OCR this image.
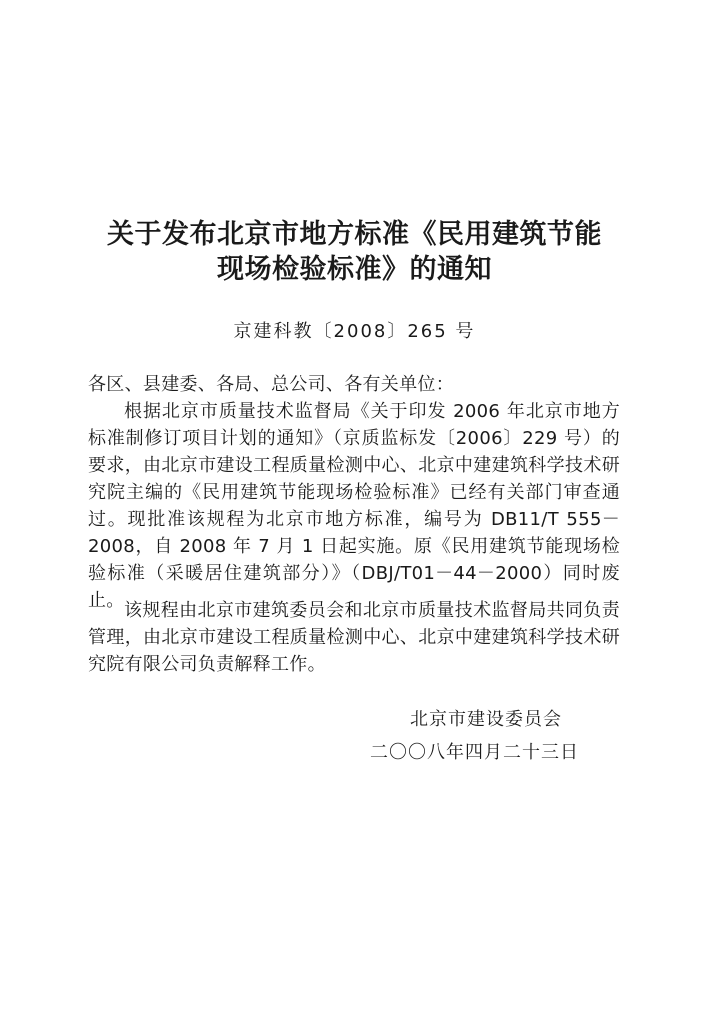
关于发布北京市地方标准《民用建筑节能
现场检验标准》的通知
京建科教〔2008〕265 号
各区、县建委、各局、总公司、各有关单位：

根据北京市质量技术监督局《关于印发 2006 年北京市地方标准制修订项目计划的通知》（京质监标发〔2006〕229 号）的要求，由北京市建设工程质量检测中心、北京中建建筑科学技术研究院主编的《民用建筑节能现场检验标准》已经有关部门审查通过。现批准该规程为北京市地方标准，编号为 DB11/T 555－2008，自 2008 年 7 月 1 日起实施。原《民用建筑节能现场检验标准（采暖居住建筑部分）》（DBJ/T01－44－2000）同时废止。 该规程由北京市建筑委员会和北京市质量技术监督局共同负责管理，由北京市建设工程质量检测中心、北京中建建筑科学技术研究院有限公司负责解释工作。

北京市建设委员会
二〇〇八年四月二十三日
